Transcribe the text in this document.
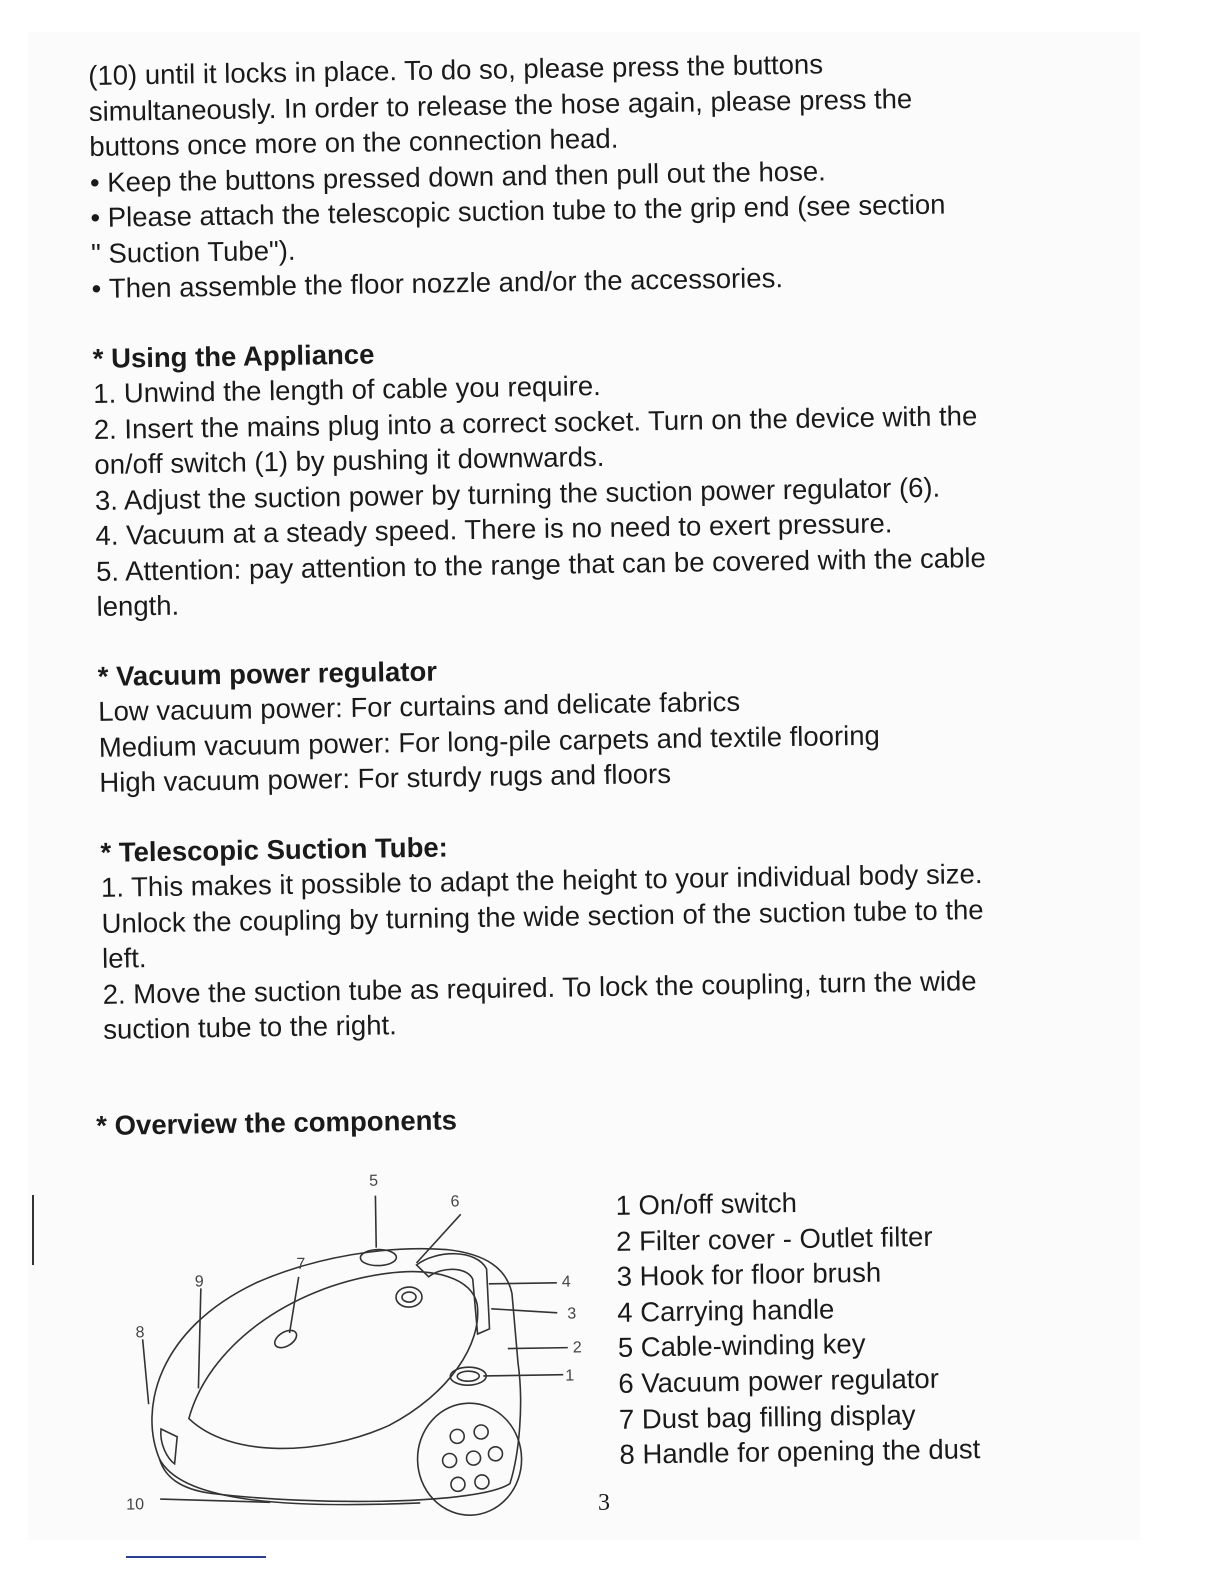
(10) until it locks in place. To do so, please press the buttons

simultaneously. In order to release the hose again, please press the

buttons once more on the connection head.

• Keep the buttons pressed down and then pull out the hose.

• Please attach the telescopic suction tube to the grip end (see section

" Suction Tube").

• Then assemble the floor nozzle and/or the accessories.

* Using the Appliance

1. Unwind the length of cable you require.

2. Insert the mains plug into a correct socket. Turn on the device with the

on/off switch (1) by pushing it downwards.

3. Adjust the suction power by turning the suction power regulator (6).

4. Vacuum at a steady speed. There is no need to exert pressure.

5. Attention: pay attention to the range that can be covered with the cable

length.

* Vacuum power regulator

Low vacuum power: For curtains and delicate fabrics

Medium vacuum power: For long-pile carpets and textile flooring

High vacuum power: For sturdy rugs and floors

* Telescopic Suction Tube:

1. This makes it possible to adapt the height to your individual body size.

Unlock the coupling by turning the wide section of the suction tube to the

left.

2. Move the suction tube as required. To lock the coupling, turn the wide

suction tube to the right.

* Overview the components
1
2
3
4
5
6
7
8
9
10
1 On/off switch
2 Filter cover - Outlet filter
3 Hook for floor brush
4 Carrying handle
5 Cable-winding key
6 Vacuum power regulator
7 Dust bag filling display
8 Handle for opening the dust
3
